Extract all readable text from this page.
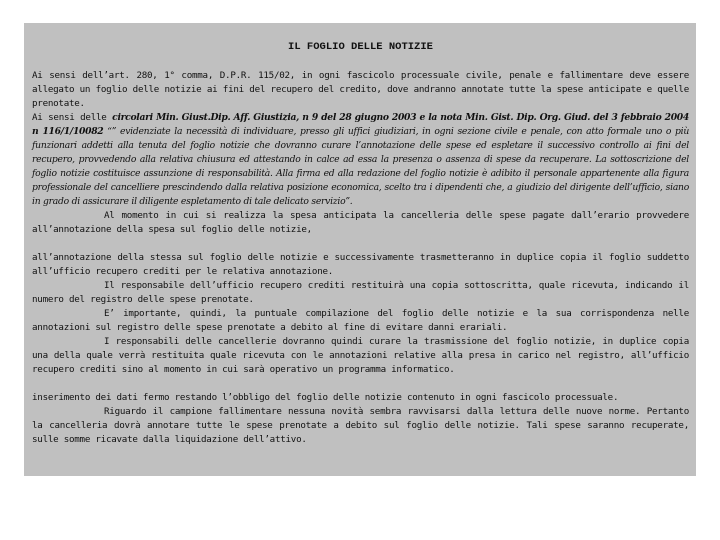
IL FOGLIO DELLE NOTIZIE

Ai sensi dell’art. 280, 1° comma, D.P.R. 115/02, in ogni fascicolo processuale civile, penale e fallimentare deve essere allegato un foglio delle notizie ai fini del recupero del credito, dove andranno annotate tutte la spese anticipate e quelle prenotate.

Ai sensi delle circolari Min. Giust.Dip. Aff. Giustizia, n 9 del 28 giugno 2003 e la nota Min. Gist. Dip. Org. Giud. del 3 febbraio 2004 n 116/1/10082 “” evidenziate la necessità di individuare, presso gli uffici giudiziari, in ogni sezione civile e penale, con atto formale uno o più funzionari addetti alla tenuta del foglio notizie che dovranno curare l’annotazione delle spese ed espletare il successivo controllo ai fini del recupero, provvedendo alla relativa chiusura ed attestando in calce ad essa la presenza o assenza di spese da recuperare. La sottoscrizione del foglio notizie costituisce assunzione di responsabilità. Alla firma ed alla redazione del foglio notizie è adibito il personale appartenente alla figura professionale del cancelliere prescindendo dalla relativa posizione economica, scelto tra i dipendenti che, a giudizio del dirigente dell’ufficio, siano in grado di assicurare il diligente espletamento di tale delicato servizio”.

Al momento in cui si realizza la spesa anticipata la cancelleria delle spese pagate dall’erario provvedere all’annotazione della spesa sul foglio delle notizie,

all’annotazione della stessa sul foglio delle notizie e successivamente trasmetteranno in duplice copia il foglio suddetto all’ufficio recupero crediti per le relativa annotazione.

Il responsabile dell’ufficio recupero crediti restituirà una copia sottoscritta, quale ricevuta, indicando il numero del registro delle spese prenotate.

E’ importante, quindi, la puntuale compilazione del foglio delle notizie e la sua corrispondenza nelle annotazioni sul registro delle spese prenotate a debito al fine di evitare danni erariali.

I responsabili delle cancellerie dovranno quindi curare la trasmissione del foglio notizie, in duplice copia una della quale verrà restituita quale ricevuta con le annotazioni relative alla presa in carico nel registro, all’ufficio recupero crediti sino al momento in cui sarà operativo un programma informatico.

inserimento dei dati fermo restando l’obbligo del foglio delle notizie contenuto in ogni fascicolo processuale.

Riguardo il campione fallimentare nessuna novità sembra ravvisarsi dalla lettura delle nuove norme. Pertanto la cancelleria dovrà annotare tutte le spese prenotate a debito sul foglio delle notizie. Tali spese saranno recuperate, sulle somme ricavate dalla liquidazione dell’attivo.
